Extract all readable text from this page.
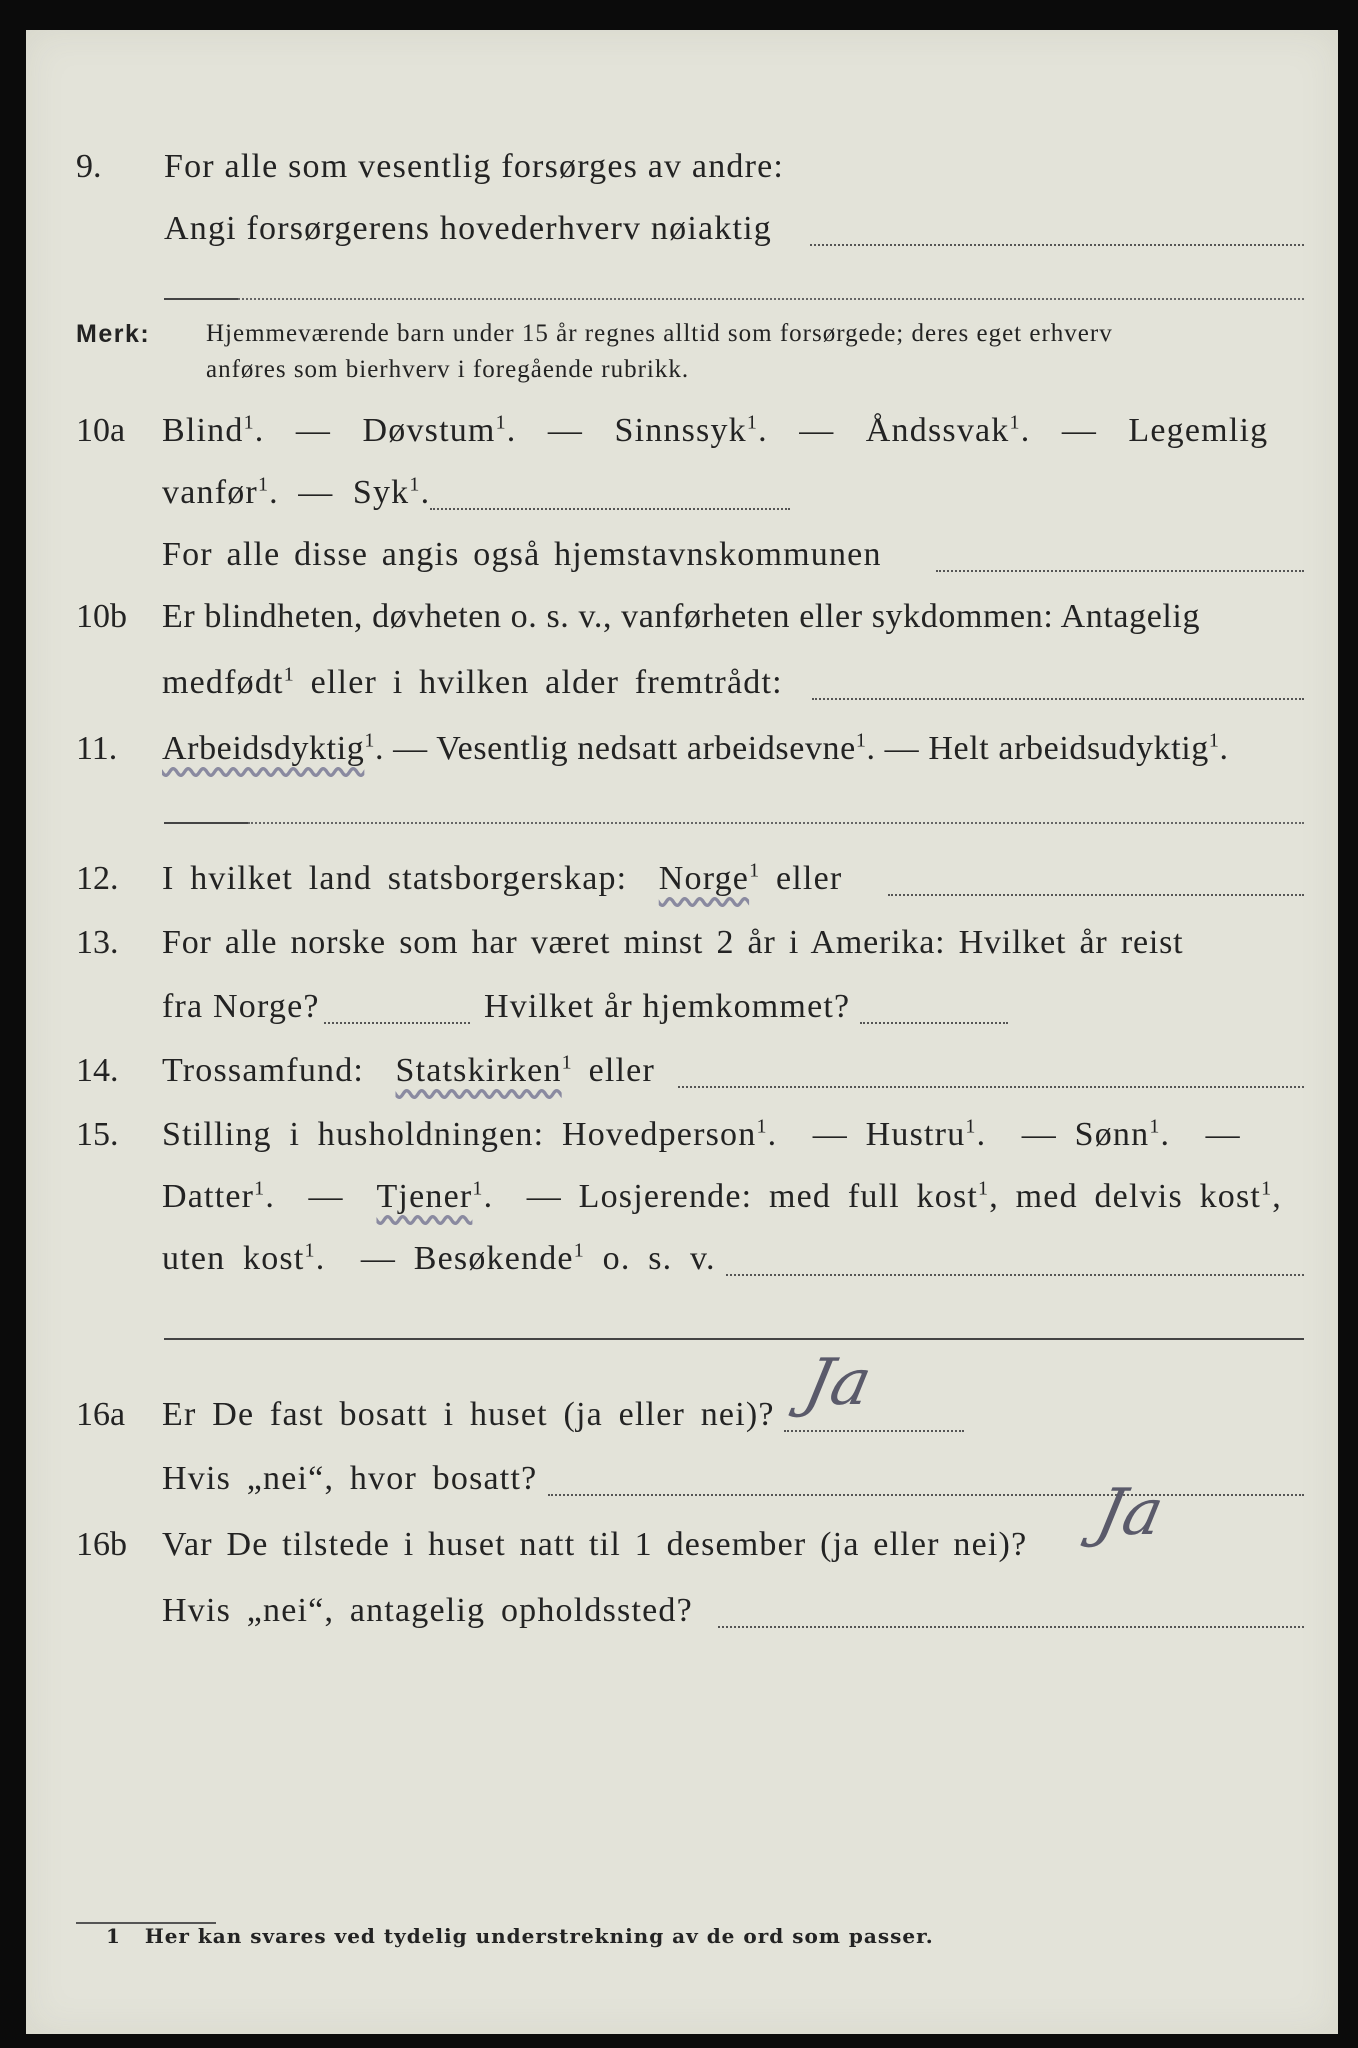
9. For alle som vesentlig forsørges av andre:
Angi forsørgerens hovederhverv nøiaktig
Merk: Hjemmeværende barn under 15 år regnes alltid som forsørgede; deres eget erhverv
anføres som bierhverv i foregående rubrikk.
10a Blind$^1$.  —  Døvstum$^1$.  —  Sinnssyk$^1$.  —  Åndssvak$^1$.  —  Legemlig
vanfør$^1$.  —  Syk$^1$.
For alle disse angis også hjemstavnskommunen
10b Er blindheten, døvheten o. s. v., vanførheten eller sykdommen: Antagelig
medfødt$^1$ eller i hvilken alder fremtrådt:
11. Arbeidsdyktig$^1$. — Vesentlig nedsatt arbeidsevne$^1$. — Helt arbeidsudyktig$^1$.
12. I hvilket land statsborgerskap: Norge$^1$ eller
13. For alle norske som har været minst 2 år i Amerika: Hvilket år reist
fra Norge?	Hvilket år hjemkommet?
14. Trossamfund: Statskirken$^1$ eller
15. Stilling i husholdningen: Hovedperson$^1$.  — Hustru$^1$.  — Sønn$^1$.  —
Datter$^1$.  — Tjener$^1$.  — Losjerende: med full kost$^1$, med delvis kost$^1$,
uten kost$^1$.  — Besøkende$^1$ o. s. v.
16a Er De fast bosatt i huset (ja eller nei)? Ja
Hvis „nei“, hvor bosatt?
16b Var De tilstede i huset natt til 1 desember (ja eller nei)? Ja
Hvis „nei“, antagelig opholdssted?
1 Her kan svares ved tydelig understrekning av de ord som passer.
